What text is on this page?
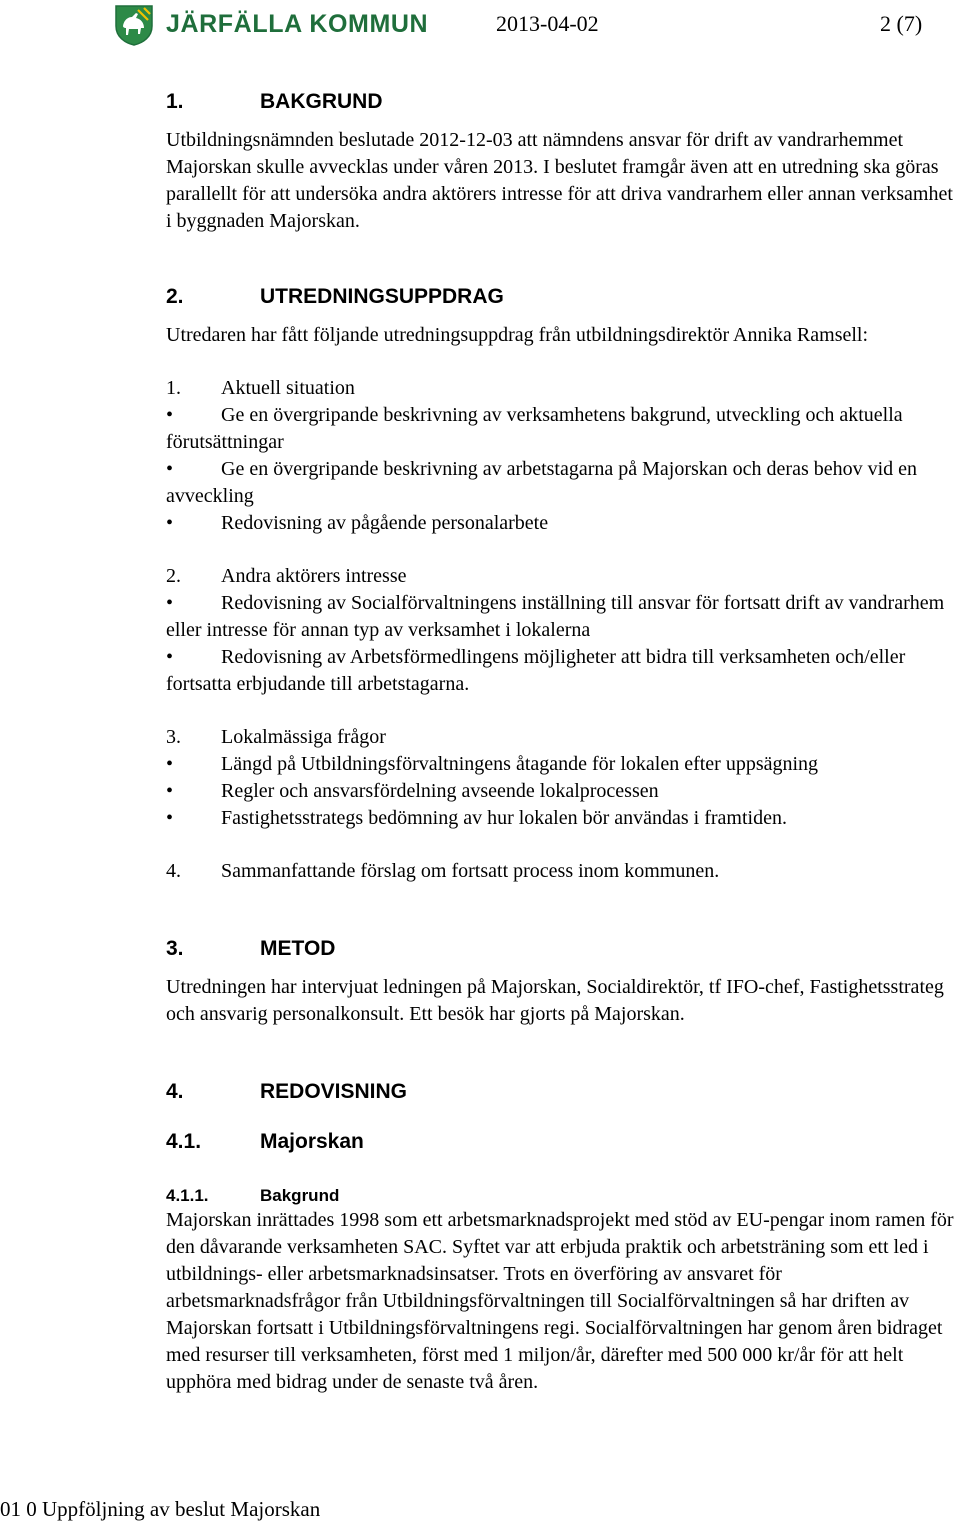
JÄRFÄLLA KOMMUN	2013-04-02	2 (7)
1.	BAKGRUND

Utbildningsnämnden beslutade 2012-12-03 att nämndens ansvar för drift av vandrarhemmet Majorskan skulle avvecklas under våren 2013. I beslutet framgår även att en utredning ska göras parallellt för att undersöka andra aktörers intresse för att driva vandrarhem eller annan verksamhet i byggnaden Majorskan.

2.	UTREDNINGSUPPDRAG

Utredaren har fått följande utredningsuppdrag från utbildningsdirektör Annika Ramsell:

1.	Aktuell situation

• Ge en övergripande beskrivning av verksamhetens bakgrund, utveckling och aktuella förutsättningar

• Ge en övergripande beskrivning av arbetstagarna på Majorskan och deras behov vid en avveckling

• Redovisning av pågående personalarbete

2.	Andra aktörers intresse

• Redovisning av Socialförvaltningens inställning till ansvar för fortsatt drift av vandrarhem eller intresse för annan typ av verksamhet i lokalerna

• Redovisning av Arbetsförmedlingens möjligheter att bidra till verksamheten och/eller fortsatta erbjudande till arbetstagarna.

3.	Lokalmässiga frågor

• Längd på Utbildningsförvaltningens åtagande för lokalen efter uppsägning

• Regler och ansvarsfördelning avseende lokalprocessen

• Fastighetsstrategs bedömning av hur lokalen bör användas i framtiden.

4.	Sammanfattande förslag om fortsatt process inom kommunen.
3.	METOD

Utredningen har intervjuat ledningen på Majorskan, Socialdirektör, tf IFO-chef, Fastighetsstrateg och ansvarig personalkonsult. Ett besök har gjorts på Majorskan.

4.	REDOVISNING
4.1.	Majorskan
4.1.1.	Bakgrund

Majorskan inrättades 1998 som ett arbetsmarknadsprojekt med stöd av EU-pengar inom ramen för den dåvarande verksamheten SAC. Syftet var att erbjuda praktik och arbetsträning som ett led i utbildnings- eller arbetsmarknadsinsatser. Trots en överföring av ansvaret för arbetsmarknadsfrågor från Utbildningsförvaltningen till Socialförvaltningen så har driften av Majorskan fortsatt i Utbildningsförvaltningens regi. Socialförvaltningen har genom åren bidraget med resurser till verksamheten, först med 1 miljon/år, därefter med 500 000 kr/år för att helt upphöra med bidrag under de senaste två åren.

01 0 Uppföljning av beslut Majorskan
